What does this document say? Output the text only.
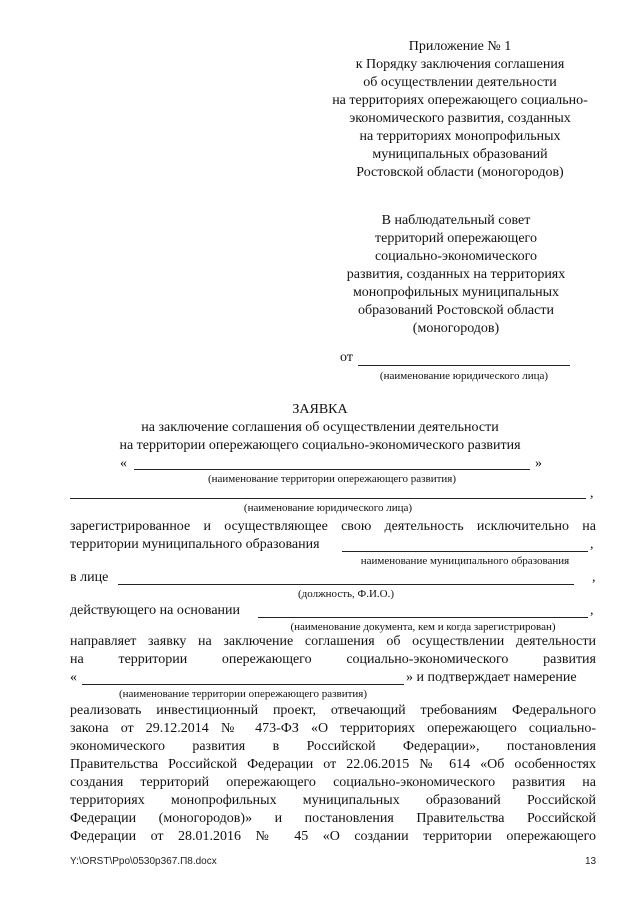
Приложение № 1
к Порядку заключения соглашения
об осуществлении деятельности
на территориях опережающего социально-
экономического развития, созданных
на территориях монопрофильных
муниципальных образований
Ростовской области (моногородов)
В наблюдательный совет
территорий опережающего
социально-экономического
развития, созданных на территориях
монопрофильных муниципальных
образований Ростовской области
(моногородов)
от
(наименование юридического лица)
ЗАЯВКА
на заключение соглашения об осуществлении деятельности
на территории опережающего социально-экономического развития
«	»
(наименование территории опережающего развития)
,
(наименование юридического лица)
зарегистрированное и осуществляющее свою деятельность исключительно на
территории муниципального образования	,
наименование муниципального образования
в лице	,
(должность, Ф.И.О.)
действующего на основании	,
(наименование документа, кем и когда зарегистрирован)
направляет заявку на заключение соглашения об осуществлении деятельности
на территории опережающего социально-экономического развития
«	» и подтверждает намерение
(наименование территории опережающего развития)
реализовать инвестиционный проект, отвечающий требованиям Федерального
закона от 29.12.2014 № 473-ФЗ «О территориях опережающего социально-
экономического развития в Российской Федерации», постановления
Правительства Российской Федерации от 22.06.2015 № 614 «Об особенностях
создания территорий опережающего социально-экономического развития на
территориях монопрофильных муниципальных образований Российской
Федерации (моногородов)» и постановления Правительства Российской
Федерации от 28.01.2016 № 45 «О создании территории опережающего
Y:\ORST\Ppo\0530p367.П8.docx	13
